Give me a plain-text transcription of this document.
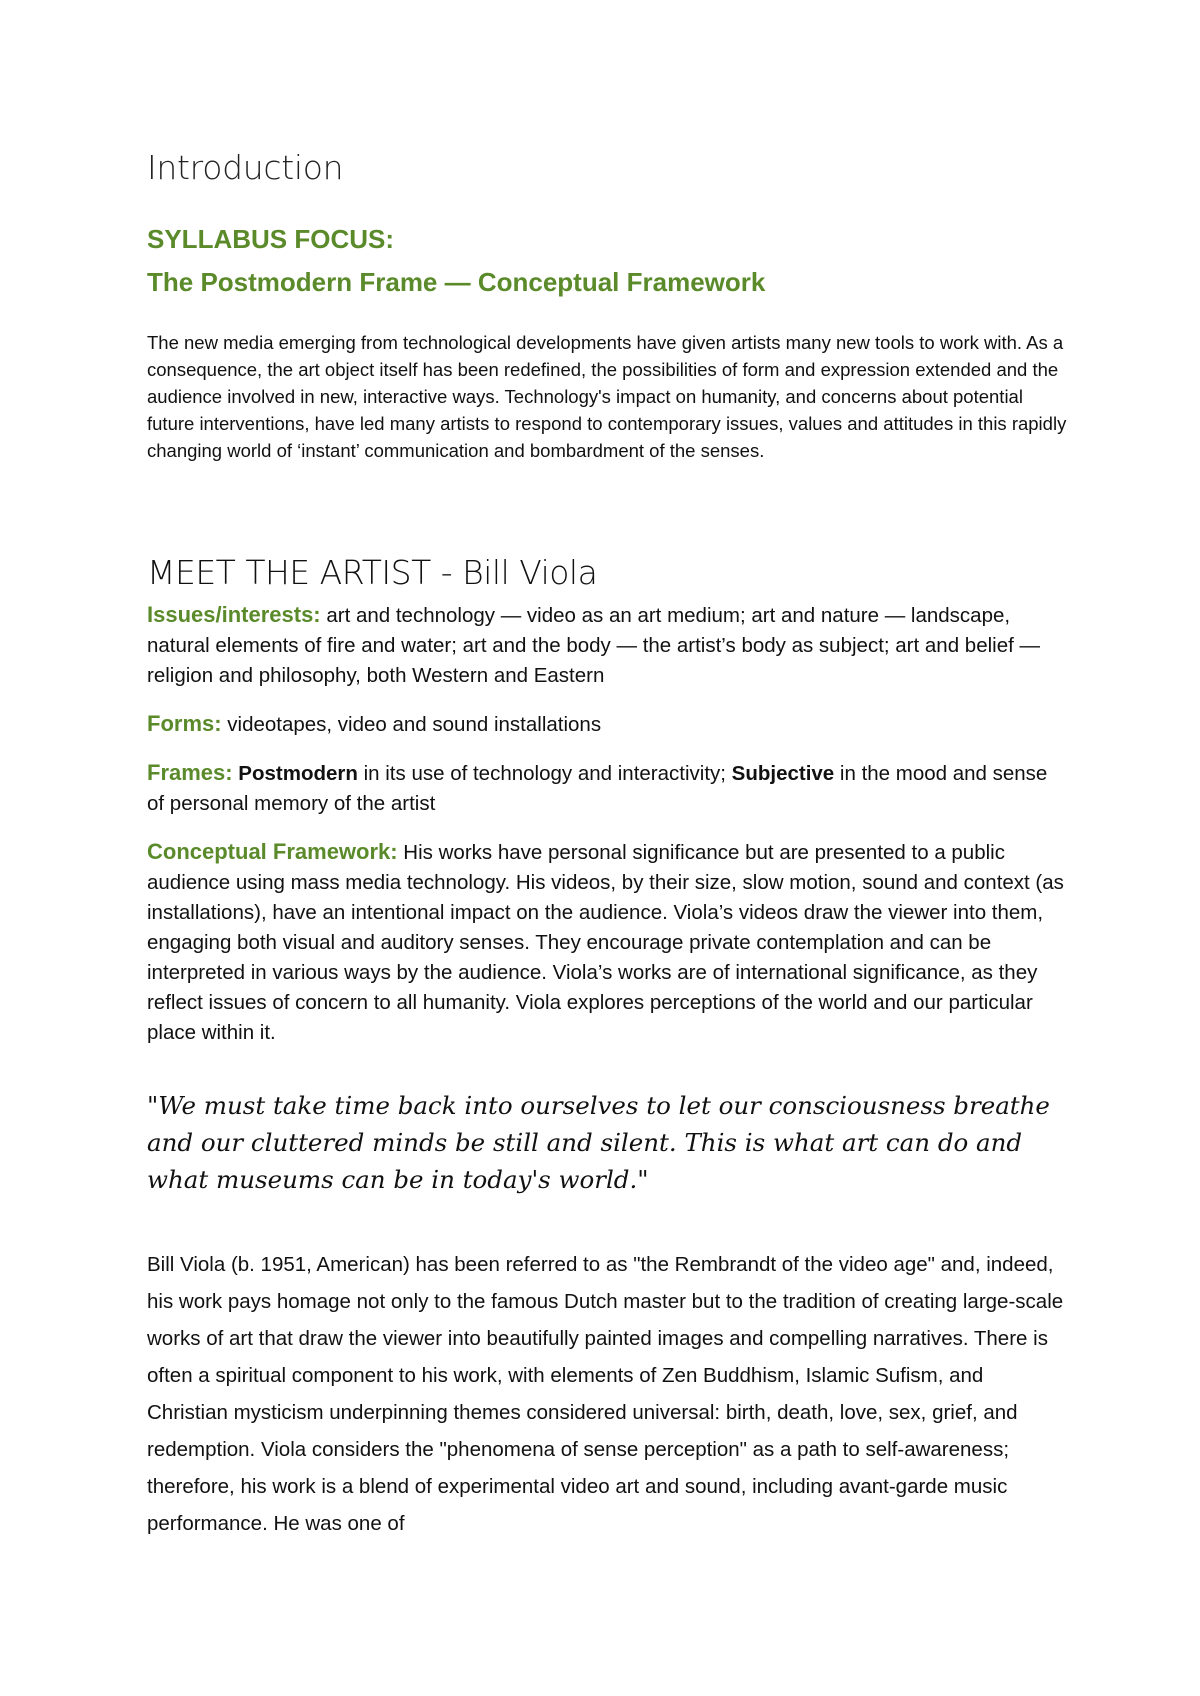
Introduction
SYLLABUS FOCUS:
The Postmodern Frame — Conceptual Framework

The new media emerging from technological developments have given artists many new tools to work with. As a consequence, the art object itself has been redefined, the possibilities of form and expression extended and the audience involved in new, interactive ways. Technology's impact on humanity, and concerns about potential future interventions, have led many artists to respond to contemporary issues, values and attitudes in this rapidly changing world of ‘instant’ communication and bombardment of the senses.

MEET THE ARTIST - Bill Viola

Issues/interests: art and technology — video as an art medium; art and nature — landscape, natural elements of fire and water; art and the body — the artist’s body as subject; art and belief — religion and philosophy, both Western and Eastern

Forms: videotapes, video and sound installations

Frames: Postmodern in its use of technology and interactivity; Subjective in the mood and sense of personal memory of the artist

Conceptual Framework: His works have personal significance but are presented to a public audience using mass media technology. His videos, by their size, slow motion, sound and context (as installations), have an intentional impact on the audience. Viola’s videos draw the viewer into them, engaging both visual and auditory senses. They encourage private contemplation and can be interpreted in various ways by the audience. Viola’s works are of international significance, as they reflect issues of concern to all humanity. Viola explores perceptions of the world and our particular place within it.

"We must take time back into ourselves to let our consciousness breathe and our cluttered minds be still and silent. This is what art can do and what museums can be in today's world."

Bill Viola (b. 1951, American) has been referred to as "the Rembrandt of the video age" and, indeed, his work pays homage not only to the famous Dutch master but to the tradition of creating large-scale works of art that draw the viewer into beautifully painted images and compelling narratives. There is often a spiritual component to his work, with elements of Zen Buddhism, Islamic Sufism, and Christian mysticism underpinning themes considered universal: birth, death, love, sex, grief, and redemption. Viola considers the "phenomena of sense perception" as a path to self-awareness; therefore, his work is a blend of experimental video art and sound, including avant-garde music performance. He was one of
